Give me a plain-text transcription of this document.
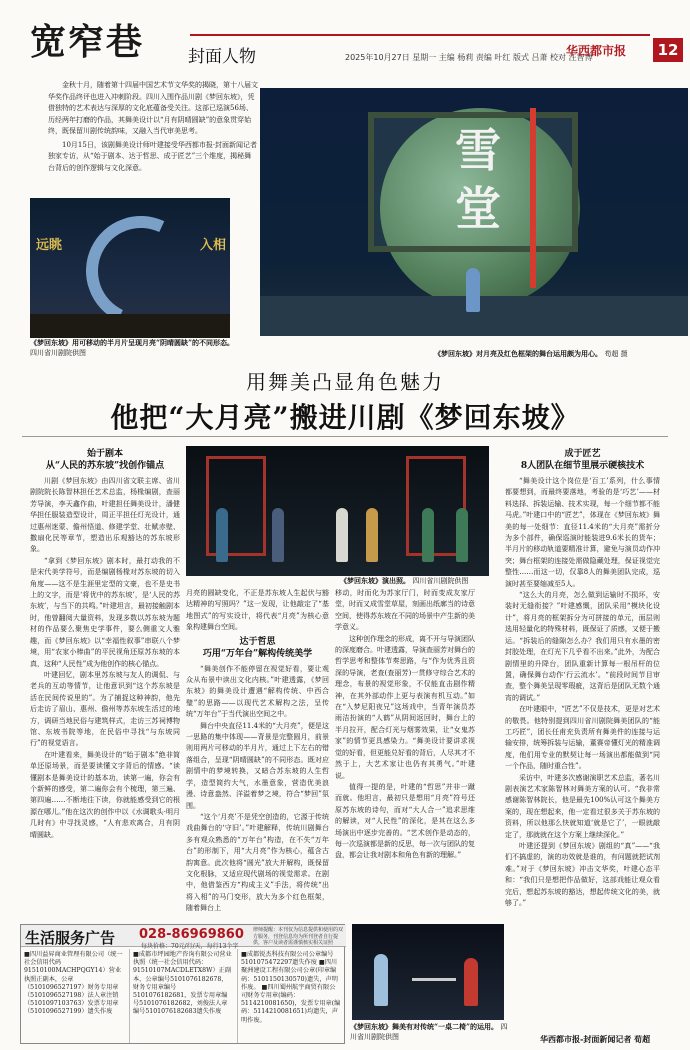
宽窄巷	封面人物	2025年10月27日 星期一 主编 杨莉 责编 叶红 版式 吕萧 校对 汪智博
华西都市报	12

金秋十月，随着第十四届中国艺术节文华奖的揭晓，第十八届文华奖作品终评也进入冲刺阶段。四川入围作品川剧《梦回东坡》，凭借独特的艺术表达与深厚的文化底蕴备受关注。这部已巡演56场、历经两年打磨的作品，其舞美设计以“月有阴晴圆缺”的意象贯穿始终，既保留川剧传统韵味，又融入当代审美思考。

10月15日，该剧舞美设计师叶建接受华西都市报·封面新闻记者独家专访，从“始于剧本、达于哲思、成于匠艺”三个维度，揭秘舞台背后的创作逻辑与文化深意。

远眺	入相
《梦回东坡》用可移动的半月片呈现月亮“阴晴圆缺”的不同形态。 四川省川剧院供图
雪堂
《梦回东坡》对月亮及红色框架的舞台运用颇为用心。 苟超 摄
用舞美凸显角色魅力
他把“大月亮”搬进川剧《梦回东坡》
始于剧本
从“人民的苏东坡”找创作锚点

川剧《梦回东坡》由四川省文联主席、省川剧院院长陈智林担任艺术总监，杨椽编剧，查丽芳导演，李天鑫作曲，叶建担任舞美设计，潘健华担任服装造型设计，周正平担任灯光设计，通过惠州迷蒙、儋州悟道、修建学堂、壮赋赤壁、撒扇化民等章节，塑造出乐观豁达的苏东坡形象。

“拿到《梦回东坡》剧本时，最打动我的不是宋代美学符号，而是编剧杨椽对苏东坡的切入角度——这不是生涯里定型的文豪，也不是史书上的文字，而是‘将优中的苏东坡’，是‘人民的苏东坡’，与当下的共鸣。”叶建坦言，最初接触剧本时，他曾翻阅大量资料，发现多数以苏东坡为题材的作品要么聚焦史学事件，要么侧重文人雅趣，而《梦回东坡》以“幸福性叙事”串联八个梦境，用“农家小棒曲”的平民视角还原苏东坡的本真，这种“人民性”成为他创作的核心锚点。

叶建回忆，剧本里苏东坡与友人的调侃、与老兵的互动等情节，让他意识到“这个苏东坡是活在民间传说里的”。为了捕捉这种神韵，他先后走访了眉山、惠州、儋州等苏东坡生活过的地方，调研当地民俗与建筑样式，走访三苏祠博物馆、东坡书院等地，在民俗中寻找“与东坡同行”的视觉语言。

在叶建看来，舞美设计的“始于剧本”绝非简单还原场景，而是要读懂文字背后的情感。“读懂剧本是舞美设计的基本功，读第一遍，你会有个新鲜的感受，第二遍你会有个梳理，第三遍、第四遍……不断地往下读，你就能感受到它的根源在哪儿。”他在这次的创作中以《水调歌头·明月几时有》中寻找灵感，“人有悲欢离合，月有阴晴圆缺。

《梦回东坡》演出照。 四川省川剧院供图

月亮的圆缺变化，不正是苏东坡人生起伏与豁达精神的写照吗？”这一发现，让他敲定了“基地图式”的写实设计，将代表“月亮”为核心意象构建舞台空间。

达于哲思
巧用“万年台”解构传统美学

“舞美创作不能停留在视觉好看，要让观众从布景中读出文化内核。”叶建透露，《梦回东坡》的舞美设计遭遇“解构传统、中西合璧”的思路——以现代艺术解构之法，呈传统“万年台”于当代演出空间之中。

舞台中央直径11.4米的“大月亮”，便是这一思路的集中体现——背景是完整圆月，前景则用两片可移动的半月片，通过上下左右的错落组合，呈现“阴晴圆缺”的不同形态。既对应剧情中的梦境转换，又暗合苏东坡的人生哲学，造型简约大气，水墨意象，营造优美浪漫、诗意盎然、洋溢着梦之境，符合“梦回”氛围。

“这个‘月亮’不是凭空创造的，它源于传统戏曲舞台的‘守旧’。”叶建解释，传统川剧舞台多有观众熟悉的“万年台”构造，在不失“万年台”的形制下，用“大月亮”作为核心，蕴含古韵寓意。此次他将“圆光”放大并解构，既保留文化根脉，又适应现代剧场的视觉需求。在剧中，他借鉴西方“构成主义”手法，将传统“出将入相”的马门变形，放大为多个红色框架，随着舞台上

移动，时而化为苏家厅门，时而变成友家厅堂，时而又成雪堂草屋，刻画出纸廓当的诗意空间，使得苏东坡在不同的场景中产生新的美学意义。

这种创作理念的形成，离不开与导演团队的深度磨合。叶建透露，导演查丽芳对舞台的哲学思考和整体节奏思路，与“作为优秀且资深的导演，老查(查丽芳)一贯修守综合艺术的理念，布景的视觉形象，不仅能直击剧作精神，在其外部动作上更与表演有机互动。”如在“入梦尼阳夜兄”这场戏中，当青年演员苏雨洁扮演的“人鹤”从阴间返回时，舞台上的半月拉开，配合灯光与烟雾效果，让“女鬼苏家”的情节更具感染力。“舞美设计要讲求视觉的好看，但更能兑好看的背后，人尽其才不然于上，大艺术家让也仍有其勇气。”叶建说。

值得一提的是，叶建的“哲思”并非一蹴而就。他坦言，最初只是想用“月亮”符号还原苏东坡的诗句，而对“大人合一”追求思维的解读，对“人民性”的深化，是其在这么多场演出中逐步完善的。“艺术创作是动态的，每一次巡演都是新的反思，每一次与团队的复盘，都会让我对剧本和角色有新的理解。”

成于匠艺
8人团队在细节里展示硬核技术

“舞美设计这个岗位是‘百工’系列，什么事情都要想到，而最终要落地，考验的是‘巧艺’——材料选择、拆装运输、技术实现，每一个细节都不能马虎。”叶建口中的“匠艺”，体现在《梦回东坡》舞美的每一处细节：直径11.4米的“大月亮”需折分为多个部件，确保巡演时能装进9.6米长的货车；半月片的移动轨道要精准计算，避免与演员动作冲突；舞台框架的连接处需做隐藏处理，保证视觉完整性……而这一切，仅靠8人的舞美团队完成，巡演时甚至要缩减至5人。

“这么大的月亮，怎么做到运输时不损坏，安装时无缝衔接？”叶建感慨，团队采用“模块化设计”，将月亮的框架拆分为可拼接的单元，面层则选用轻量化的特殊材料，既保证了质感，又便于搬运。“拆装后的缝隙怎么办？我们用只有水墨的密封胶处理，在灯光下几乎看不出来。”此外，为配合剧情里的升降台，团队重新计算每一根吊杆的位置，确保舞台动作‘行云流水’。“前段时间节目审查，整个舞美呈现零瑕疵，这背后是团队无数个通宵的调试。”

在叶建眼中，“匠艺”不仅是技术，更是对艺术的敬畏。他特别提到四川省川剧院舞美团队的“能工巧匠”，团长任甫充负责所有舞美件的连接与运输安排，统筹拆装与运输，董赛帝懂灯光的精准调度，他们用专业的默契让每一场演出都能做到“同一个作品，随时重合性”。

采访中，叶建多次感谢演职艺术总监，著名川剧表演艺术家陈智林对舞美方案的认可。“我非常感谢陈智林院长，他是最先100%认可这个舞美方案的，现在想起来，他一定看过很多关于苏东坡的资料，所以他那么快就知道‘就是它了’，一眼就敲定了，那就就在这个方案上继续深化。”

叶建还提到《梦回东坡》剧组的“真”——“我们不搞虚的，演的功效就是谁的，有问题就把试剂难。”对于《梦回东坡》冲击文华奖，叶建心态平和：“我们只是想把作品做好，这部戏能让观众看完后，想起苏东坡的豁达，想起传统文化的美，就够了。”

《梦回东坡》舞美有对传统“一桌二椅”的运用。 四川省川剧院供图	华西都市报-封面新闻记者 荀超
生活服务广告 028-86969860 律师提醒：本刊仅为信息提供和使用的双方服务，刊登信息均为所刊登者自行提供，客户及读者需谨慎核实相关证照
每块价格：70元/行/天，每行13个字
■四川益昇商业管理有限公司（统一社会信用代码91510100MACHPQGY14）营业执照正副本，公章（5101096527197）财务专用章（5101096527198）法人章注销（5101097103763）发票专用章（5101096527199）遗失作废
■成都市坪园地产咨询有限公司营业执照（统一社会信用代码：91510107MACDLETX8W）正副本，公章编号5101076182678，财务专用章编号5101076182681，发票专用章编号5101076182682，刘俊法人章编号5101076182683遗失作废
■成都锐杰科技有限公司公章编号5101075472297遗失作废 ■四川聚洲建设工程有限公司公章(印章编码：5101150130570)遗失，声明作废。 ■四川蜀州航宇商贸有限公司财务专用章(编码：5114210081650)，发票专用章(编码：5114210081651)均遗失，声明作废。
